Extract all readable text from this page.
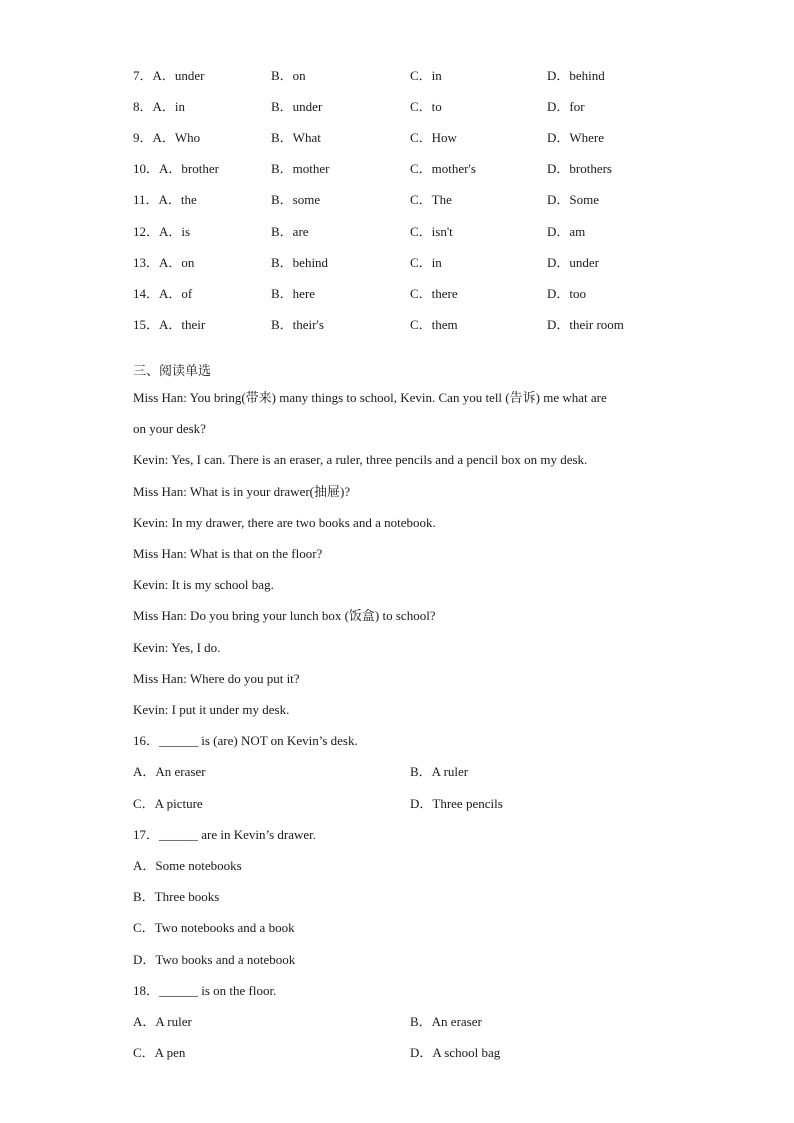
7．A．under	B．on	C．in	D．behind
8．A．in	B．under	C．to	D．for
9．A．Who	B．What	C．How	D．Where
10．A．brother	B．mother	C．mother's	D．brothers
11．A．the	B．some	C．The	D．Some
12．A．is	B．are	C．isn't	D．am
13．A．on	B．behind	C．in	D．under
14．A．of	B．here	C．there	D．too
15．A．their	B．their's	C．them	D．their room
三、阅读单选
Miss Han: You bring(带来) many things to school, Kevin. Can you tell (告诉) me what are
on your desk?
Kevin: Yes, I can. There is an eraser, a ruler, three pencils and a pencil box on my desk.
Miss Han: What is in your drawer(抽屉)?
Kevin: In my drawer, there are two books and a notebook.
Miss Han: What is that on the floor?
Kevin: It is my school bag.
Miss Han: Do you bring your lunch box (饭盒) to school?
Kevin: Yes, I do.
Miss Han: Where do you put it?
Kevin: I put it under my desk.
16．______ is (are) NOT on Kevin’s desk.
A．An eraser	B．A ruler
C．A picture	D．Three pencils
17．______ are in Kevin’s drawer.
A．Some notebooks
B．Three books
C．Two notebooks and a book
D．Two books and a notebook
18．______ is on the floor.
A．A ruler	B．An eraser
C．A pen	D．A school bag
